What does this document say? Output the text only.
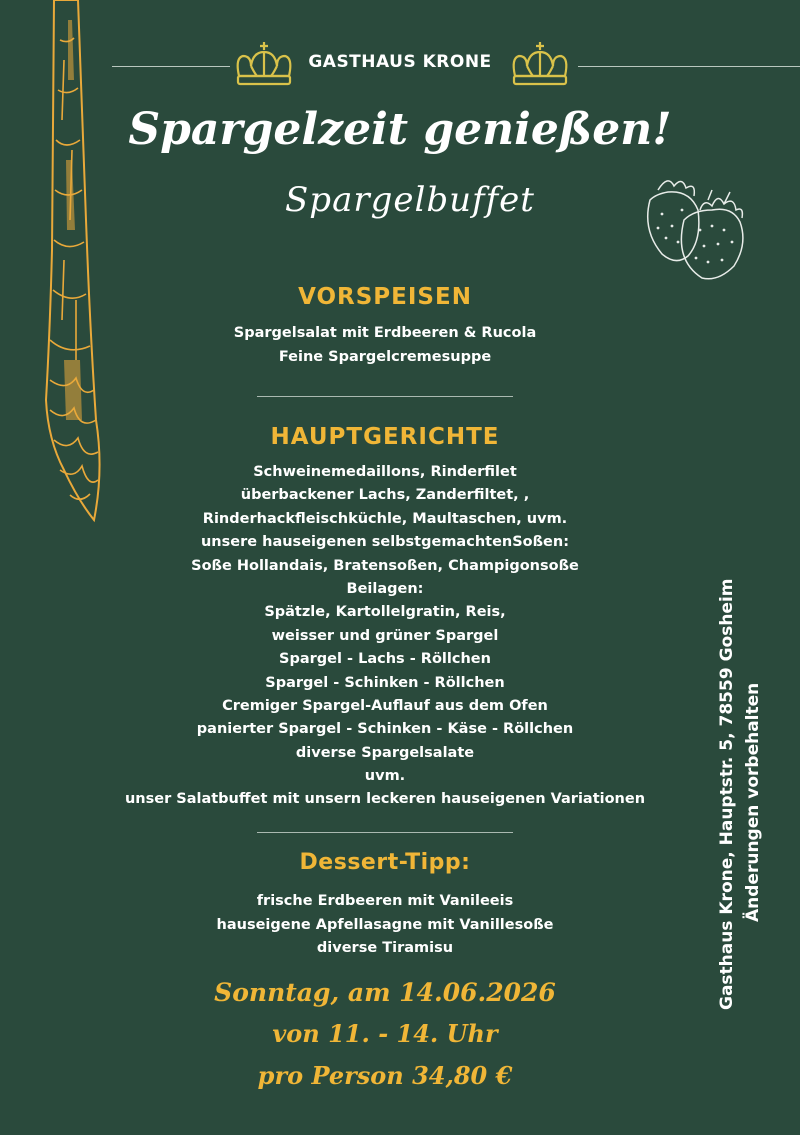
GASTHAUS KRONE
Spargelzeit genießen!
Spargelbuffet
VORSPEISEN
Spargelsalat mit Erdbeeren & Rucola
Feine Spargelcremesuppe
HAUPTGERICHTE
Schweinemedaillons, Rinderfilet
überbackener Lachs, Zanderfiltet, ,
Rinderhackfleischküchle, Maultaschen, uvm.
unsere hauseigenen selbstgemachtenSoßen:
Soße Hollandais, Bratensoßen, Champigonsoße
Beilagen:
Spätzle, Kartollelgratin, Reis,
weisser und grüner Spargel
Spargel - Lachs - Röllchen
Spargel - Schinken - Röllchen
Cremiger Spargel-Auflauf aus dem Ofen
panierter Spargel - Schinken - Käse - Röllchen
diverse Spargelsalate
uvm.
unser Salatbuffet mit unsern leckeren hauseigenen Variationen
Dessert-Tipp:
frische Erdbeeren mit Vanileeis
hauseigene Apfellasagne mit Vanillesoße
diverse Tiramisu
Sonntag, am 14.06.2026
von 11. - 14. Uhr
pro Person 34,80 €
Gasthaus Krone, Hauptstr. 5, 78559 Gosheim Änderungen vorbehalten
